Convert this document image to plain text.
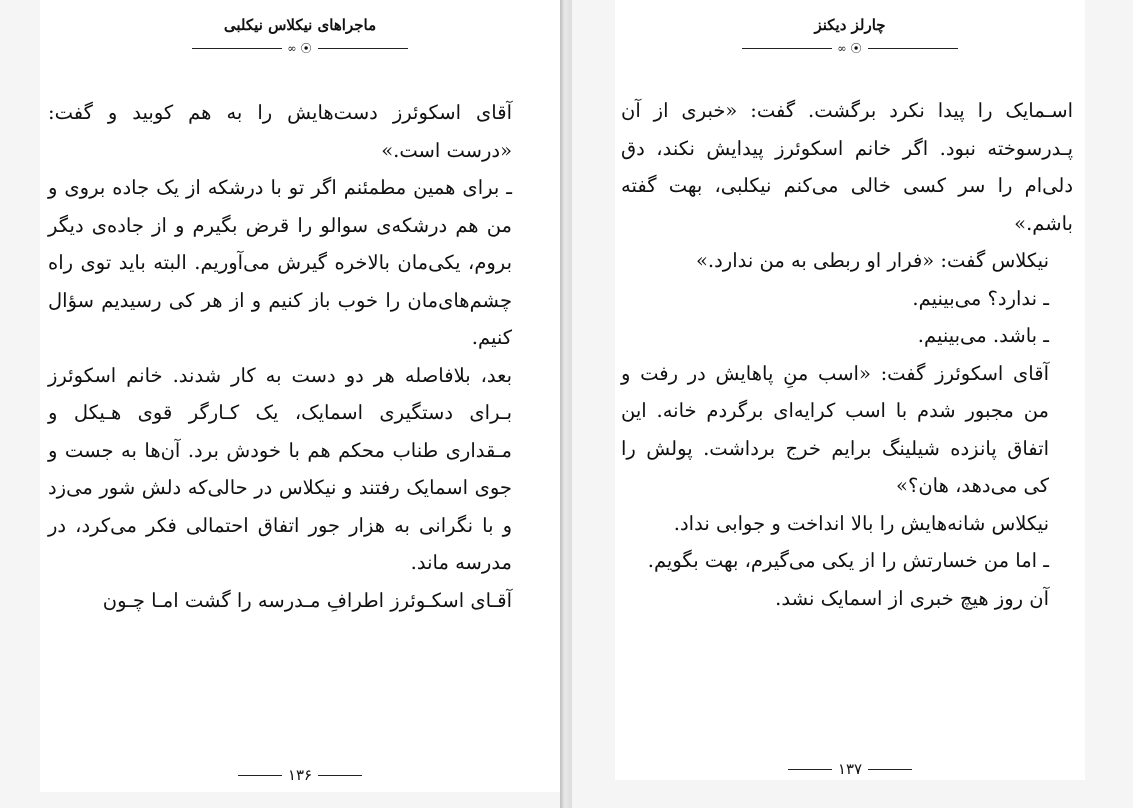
ماجراهای نیکلاس نیکلبی
∞ ⦿

آقای اسکوئرز دست‌هایش را به هم کوبید و گفت: «درست است.»

ـ برای همین مطمئنم اگر تو با درشکه از یک جاده بروی و من هم درشکه‌ی سوالو را قرض بگیرم و از جاده‌ی دیگر بروم، یکی‌مان بالاخره گیرش می‌آوریم. البته باید توی راه چشم‌های‌مان را خوب باز کنیم و از هر کی رسیدیم سؤال کنیم.

بعد، بلافاصله هر دو دست به کار شدند. خانم اسکوئرز بـرای دستگیری اسمایک، یک کـارگر قوی هـیکل و مـقداری طناب محکم هم با خودش برد. آن‌ها به جست و جوی اسمایک رفتند و نیکلاس در حالی‌که دلش شور می‌زد و با نگرانی به هزار جور اتفاق احتمالی فکر می‌کرد، در مدرسه ماند.

آقـای اسکـوئرز اطرافِ مـدرسه را گشت امـا چـون

۱۳۶
چارلز دیکنز
∞ ⦿

اسـمایک را پیدا نکرد برگشت. گفت: «خبری از آن پـدرسوخته نبود. اگر خانم اسکوئرز پیدایش نکند، دق دلی‌ام را سر کسی خالی می‌کنم نیکلبی، بهت گفته باشم.»

نیکلاس گفت: «فرار او ربطی به من ندارد.»

ـ ندارد؟ می‌بینیم.

ـ باشد. می‌بینیم.

آقای اسکوئرز گفت: «اسب منِ پاهایش در رفت و من مجبور شدم با اسب کرایه‌ای برگردم خانه. این اتفاق پانزده شیلینگ برایم خرج برداشت. پولش را کی می‌دهد، هان؟»

نیکلاس شانه‌هایش را بالا انداخت و جوابی نداد.

ـ اما من خسارتش را از یکی می‌گیرم، بهت بگویم.

آن روز هیچ خبری از اسمایک نشد.

۱۳۷
